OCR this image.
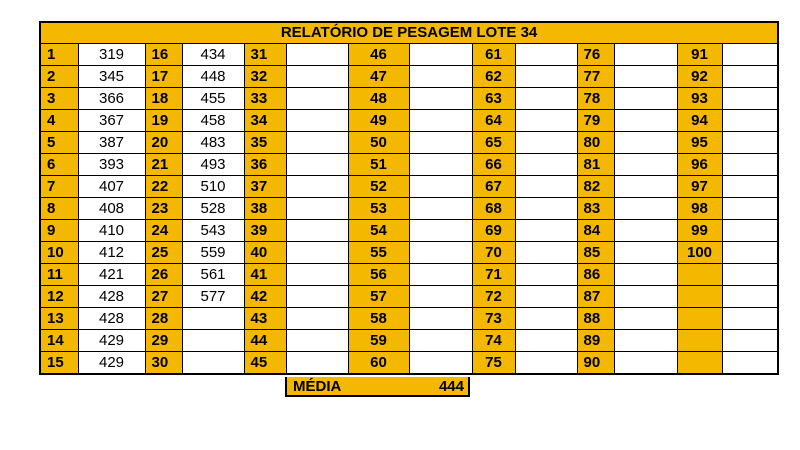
RELATÓRIO DE PESAGEM LOTE 34													
1	319	16	434	31		46		61		76		91	
2	345	17	448	32		47		62		77		92	
3	366	18	455	33		48		63		78		93	
4	367	19	458	34		49		64		79		94	
5	387	20	483	35		50		65		80		95	
6	393	21	493	36		51		66		81		96	
7	407	22	510	37		52		67		82		97	
8	408	23	528	38		53		68		83		98	
9	410	24	543	39		54		69		84		99	
10	412	25	559	40		55		70		85		100	
11	421	26	561	41		56		71		86			
12	428	27	577	42		57		72		87			
13	428	28		43		58		73		88			
14	429	29		44		59		74		89			
15	429	30		45		60		75		90			
MÉDIA	444
